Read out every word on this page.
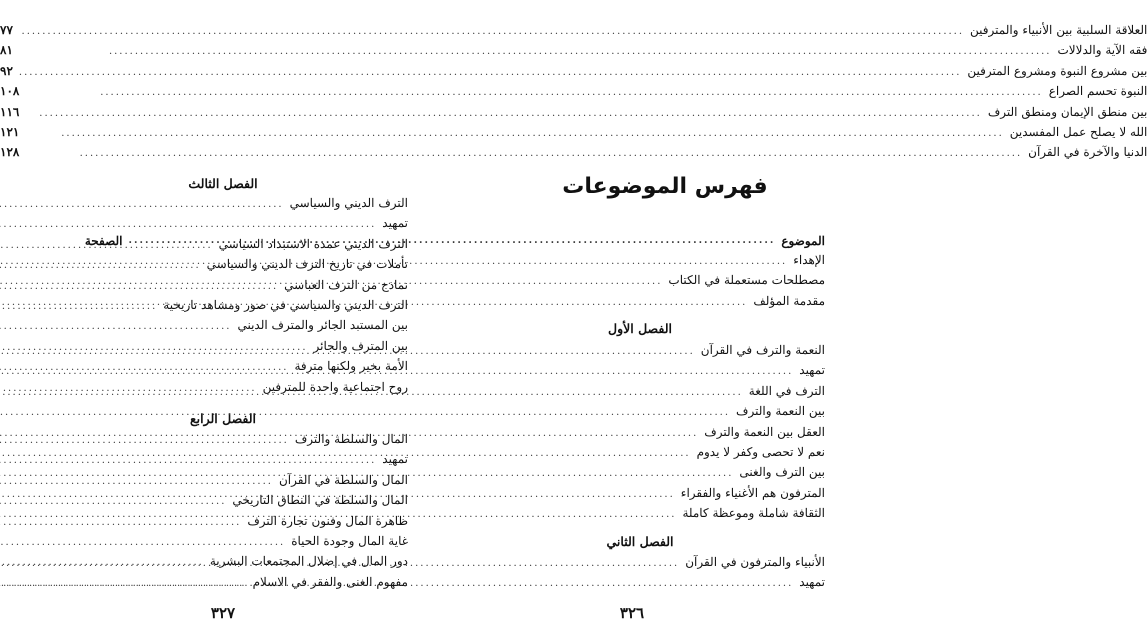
العلاقة السلبية بين الأنبياء والمترفين
.....
٧٧
فقه الآية والدلالات
.....
٨١
بين مشروع النبوة ومشروع المترفين
.....
٩٢
النبوة تحسم الصراع
.....
١٠٨
بين منطق الإيمان ومنطق الترف
.....
١١٦
الله لا يصلح عمل المفسدين
.....
١٢١
الدنيا والآخرة في القرآن
.....
١٢٨
الفصل الثالث
الترف الديني والسياسي
.....
تمهيد
.....
الترف الديني عمدة الاستبداد السياسي
.....
تأملات في تاريخ الترف الديني والسياسي
.....
نماذج من الترف العباسي
.....
الترف الديني والسياسي في صور ومشاهد تاريخية
.....
بين المستبد الجائر والمترف الديني
.....
بين المترف والجائر
.....
الأمة بخير ولكنها مترفة
.....
روح اجتماعية واحدة للمترفين
.....
الفصل الرابع
المال والسلطة والترف
.....
تمهيد
.....
المال والسلطة في القرآن
.....
المال والسلطة في النطاق التاريخي
.....
ظاهرة المال وفنون تجارة الترف
.....
غاية المال وجودة الحياة
.....
دور المال في إضلال المجتمعات البشرية
.....
مفهوم الغنى والفقر في الاسلام
.....
٣٢٧
فهرس الموضوعات
الموضوع
.....
الصفحة
الإهداء
.....
مصطلحات مستعملة في الكتاب
.....
مقدمة المؤلف
.....
الفصل الأول
النعمة والترف في القرآن
.....
تمهيد
.....
الترف في اللغة
.....
بين النعمة والترف
.....
العقل بين النعمة والترف
.....
نعم لا تحصى وكفر لا يدوم
.....
بين الترف والغنى
.....
المترفون هم الأغنياء والفقراء
.....
الثقافة شاملة وموعظة كاملة
.....
الفصل الثاني
الأنبياء والمترفون في القرآن
.....
تمهيد
.....
٣٢٦
